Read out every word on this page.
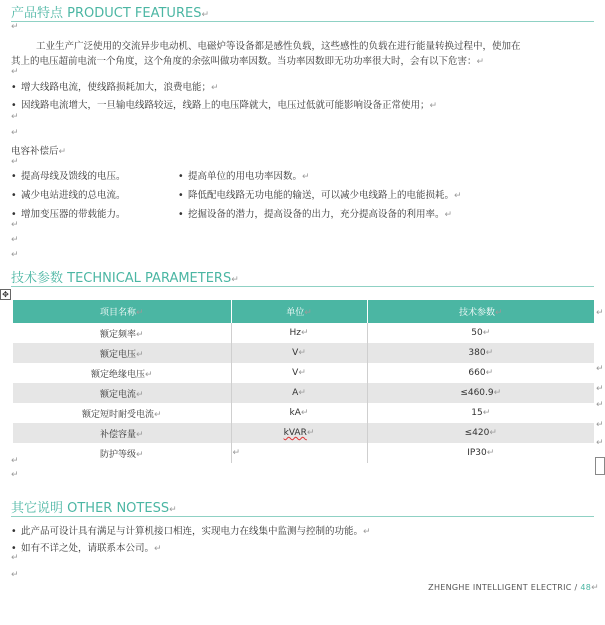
产品特点 PRODUCT FEATURES↵
↵
工业生产广泛使用的交流异步电动机、电磁炉等设备都是感性负载，这些感性的负载在进行能量转换过程中，使加在
其上的电压超前电流一个角度，这个角度的余弦叫做功率因数。当功率因数即无功功率很大时，会有以下危害：↵
↵
• 增大线路电流，使线路损耗加大，浪费电能；↵
• 因线路电流增大，一旦输电线路较远，线路上的电压降就大，电压过低就可能影响设备正常使用；↵
↵
↵
电容补偿后↵
↵
• 提高母线及馈线的电压。
• 减少电站进线的总电流。
• 增加变压器的带载能力。
• 提高单位的用电功率因数。↵
• 降低配电线路无功电能的输送，可以减少电线路上的电能损耗。↵
• 挖掘设备的潜力，提高设备的出力，充分提高设备的利用率。↵
↵
↵
↵
技术参数 TECHNICAL PARAMETERS↵
✥
项目名称↵	单位↵	技术参数↵
额定频率↵	Hz↵	50↵
额定电压↵	V↵	380↵
额定绝缘电压↵	V↵	660↵
额定电流↵	A↵	≤460.9↵
额定短时耐受电流↵	kA↵	15↵
补偿容量↵	kVAR↵	≤420↵
防护等级↵	↵	IP30↵
↵
↵
↵
↵
↵
↵
↵
↵
其它说明 OTHER NOTESS↵
• 此产品可设计具有满足与计算机接口相连，实现电力在线集中监测与控制的功能。↵
• 如有不详之处，请联系本公司。↵
↵
↵
ZHENGHE INTELLIGENT ELECTRIC / 48↵
